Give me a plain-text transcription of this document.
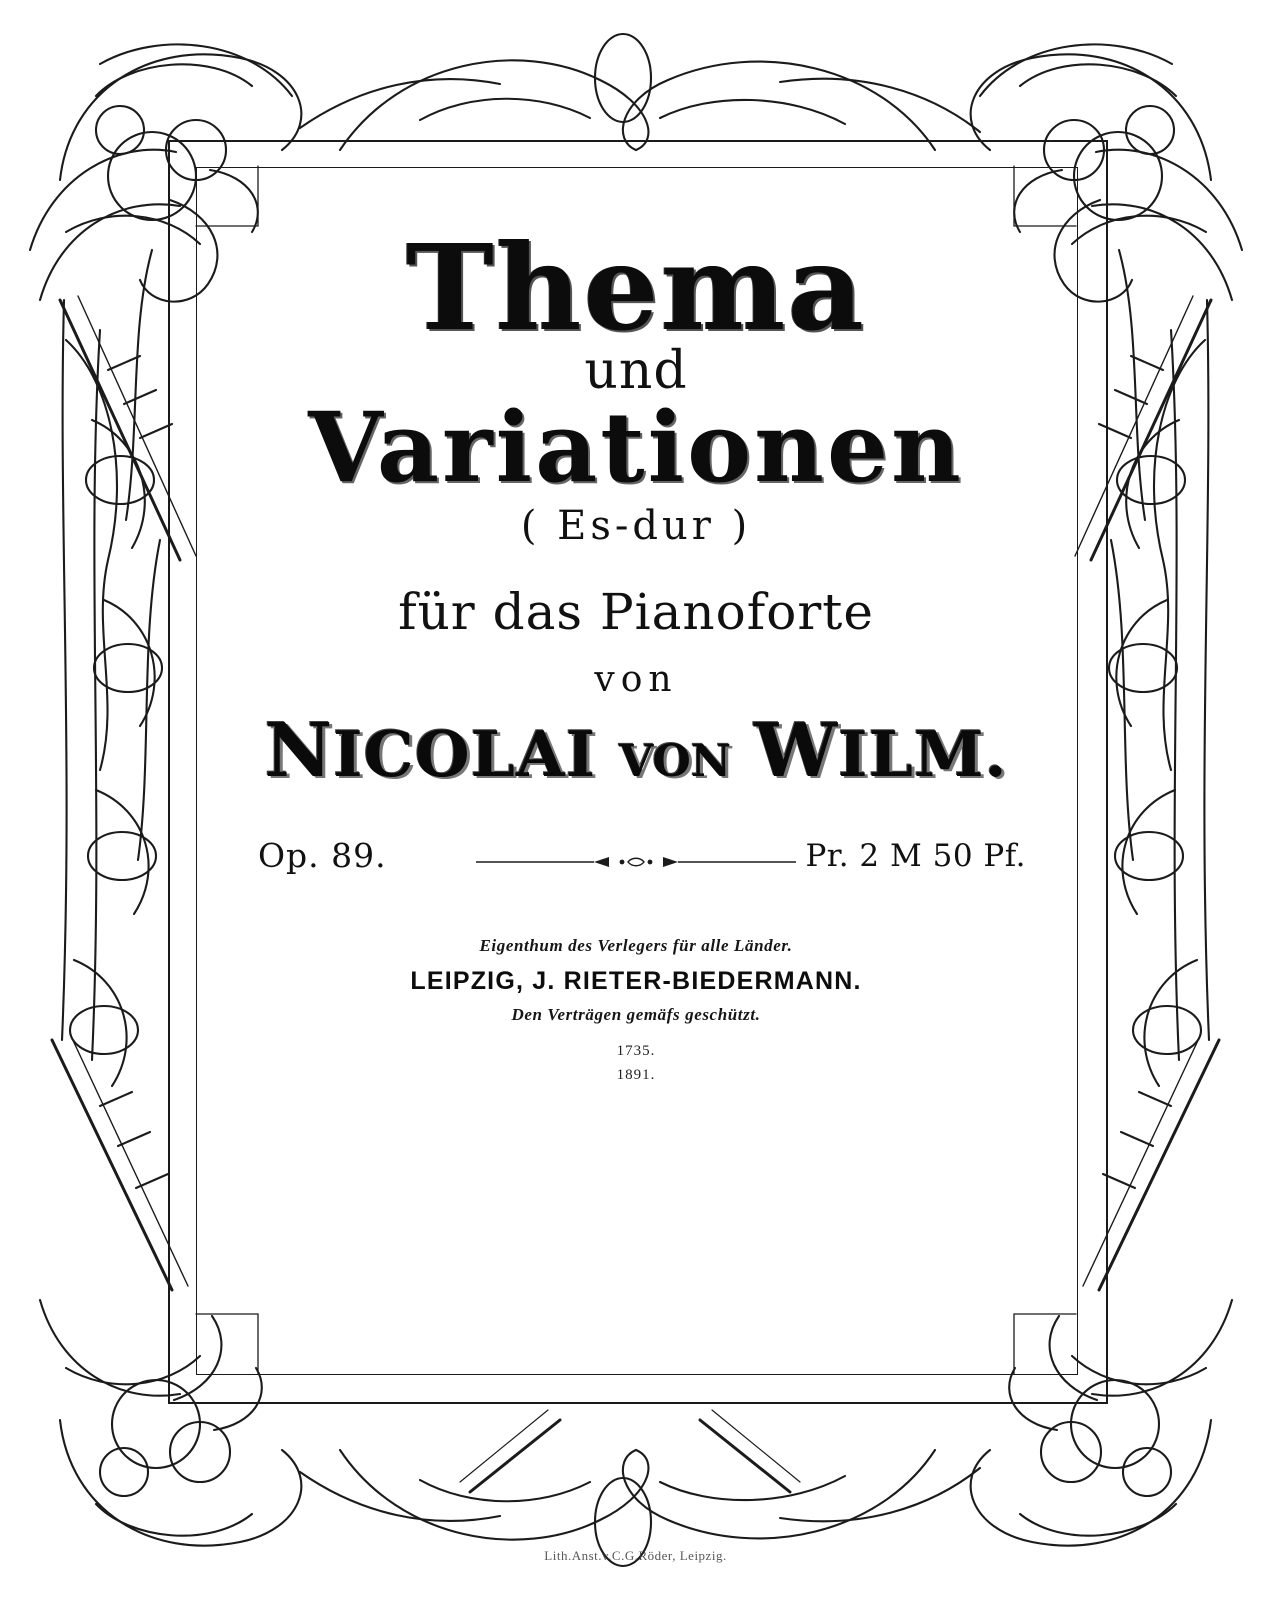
Thema
und
Variationen
( Es-dur )
für das Pianoforte
von
NICOLAI VON WILM.
Op. 89.	Pr. 2 M 50 Pf.
Eigenthum des Verlegers für alle Länder.
LEIPZIG, J. RIETER-BIEDERMANN.
Den Verträgen gemäfs geschützt.
1735.
1891.
Lith.Anst.v.C.G.Röder, Leipzig.
